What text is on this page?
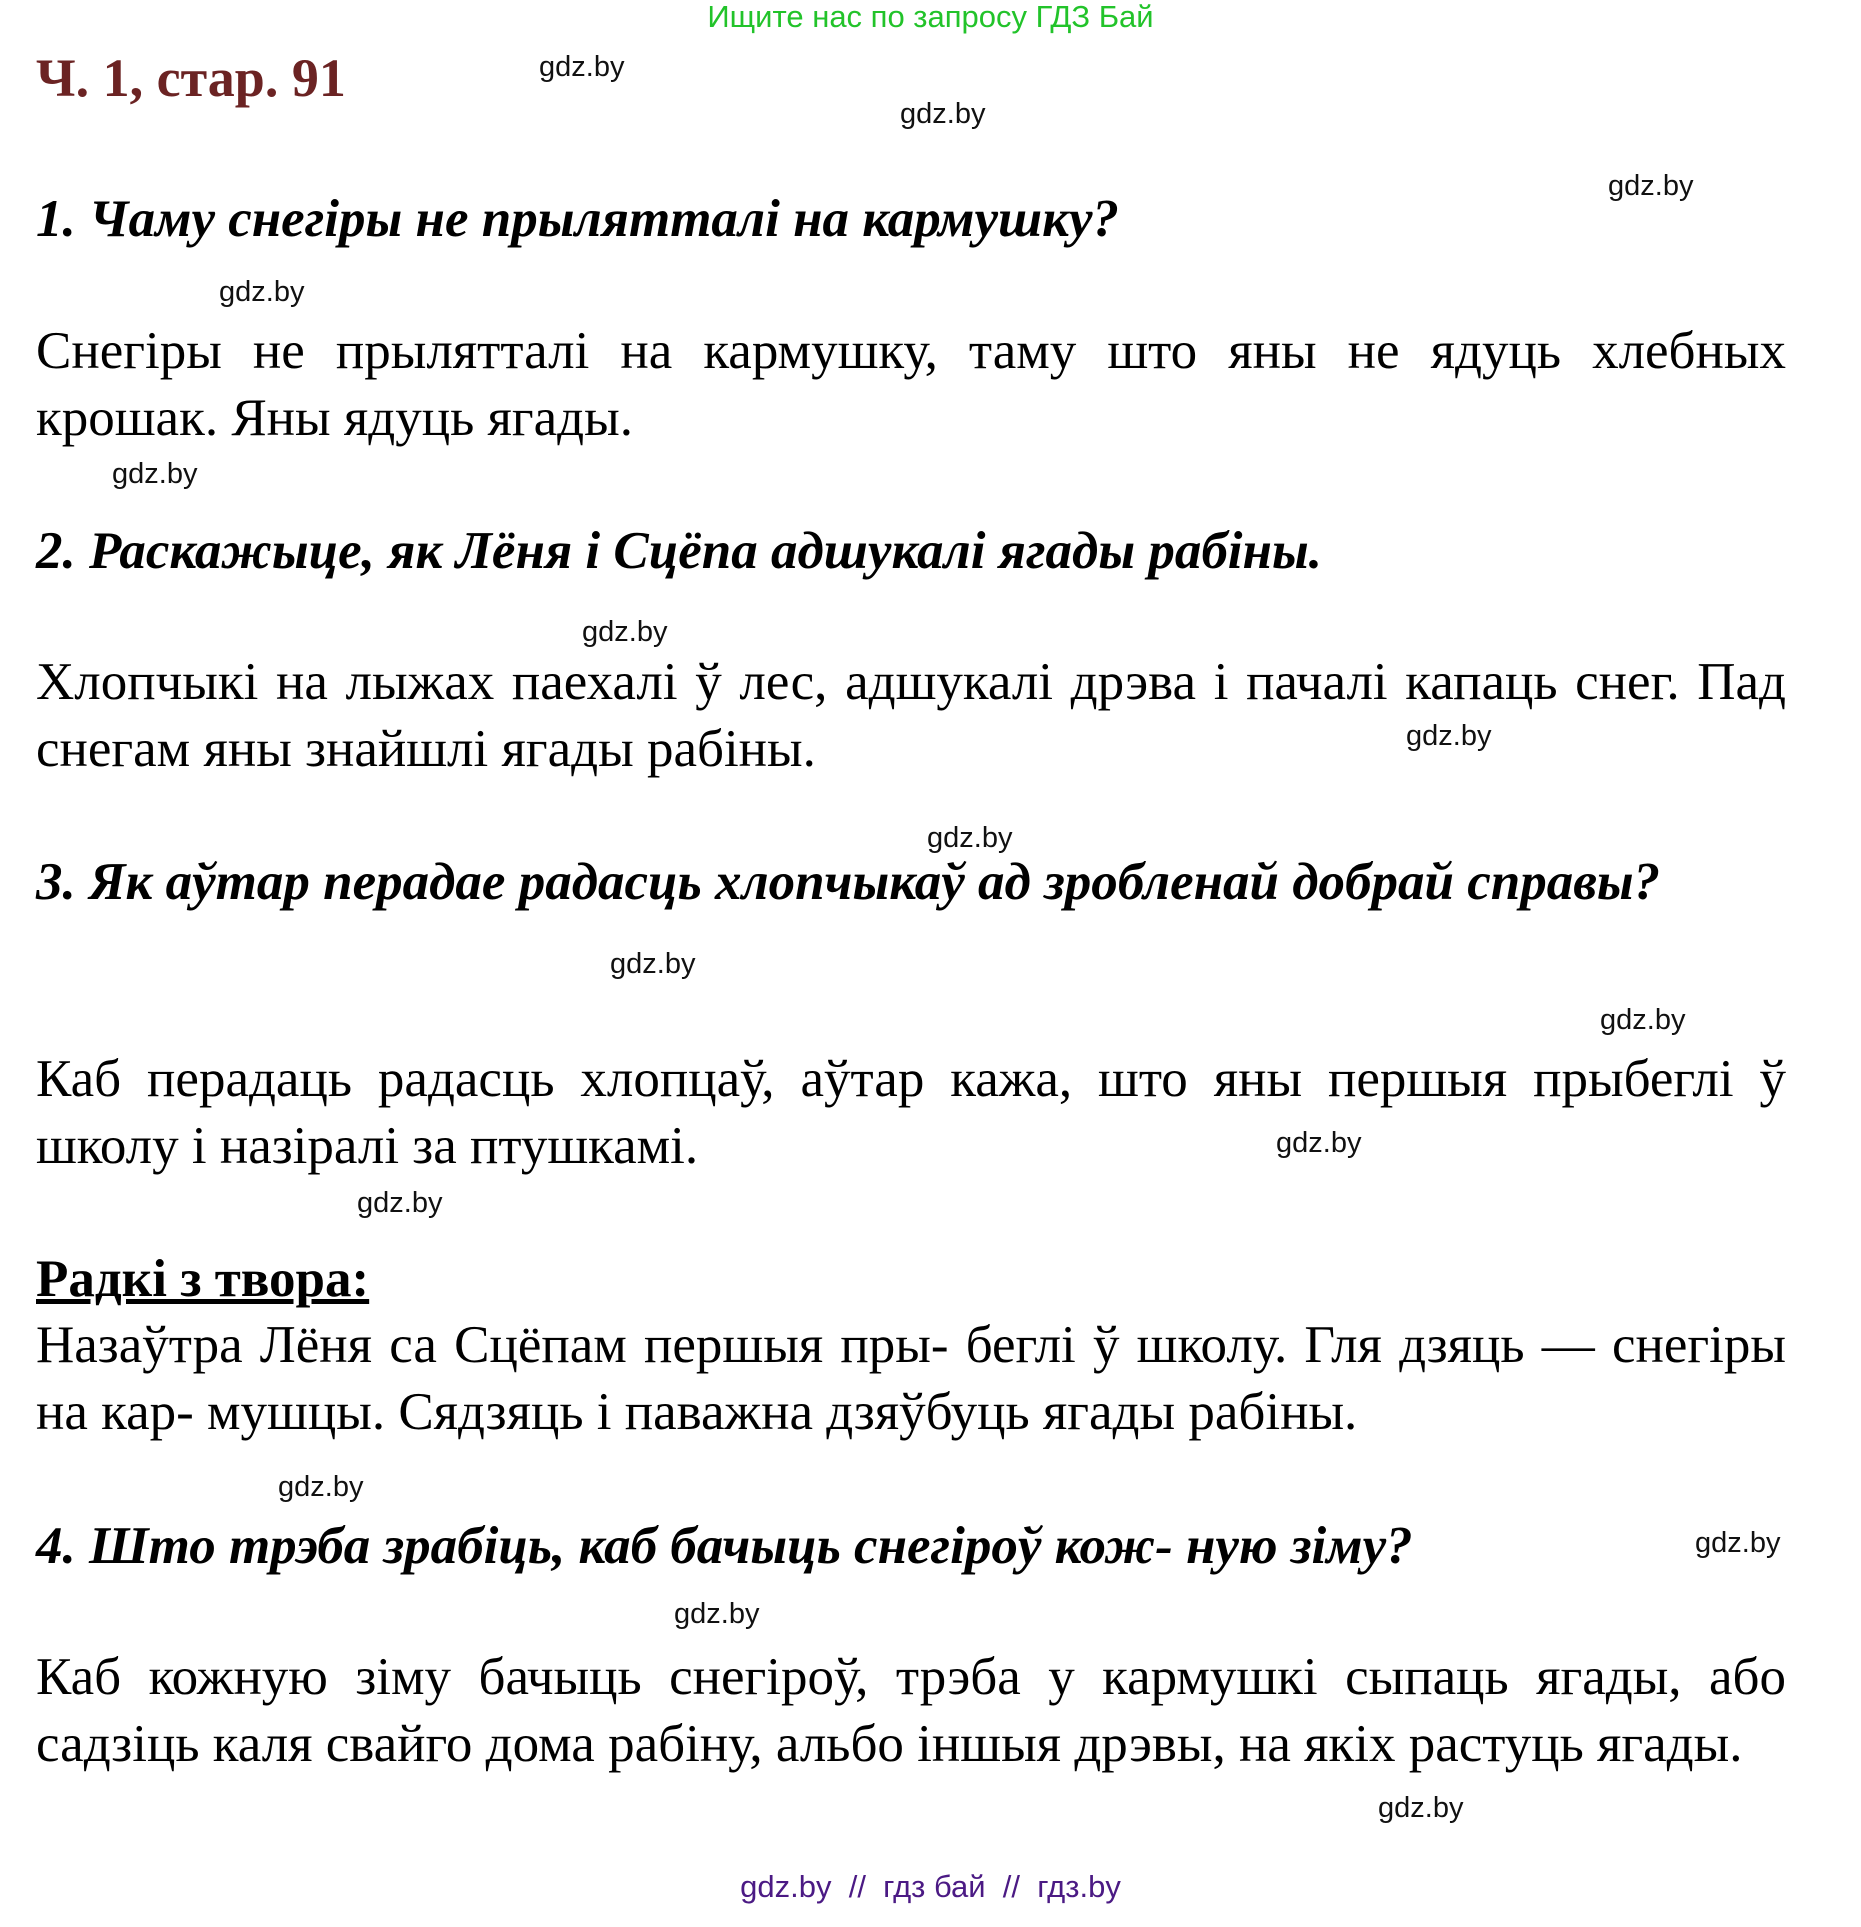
Ищите нас по запросу ГДЗ Бай
Ч. 1, стар. 91
1. Чаму снегіры не прылятталі на кармушку?
Снегіры не прылятталі на кармушку, таму што яны не ядуць хлебных крошак. Яны ядуць ягады.
2. Раскажыце, як Лёня і Сцёпа адшукалі ягады рабіны.
Хлопчыкі на лыжах паехалі ў лес, адшукалі дрэва і пачалі капаць снег. Пад снегам яны знайшлі ягады рабіны.
3. Як аўтар перадае радасць хлопчыкаў ад зробленай добрай справы?
Каб перадаць радасць хлопцаў, аўтар кажа, што яны першыя прыбеглі ў школу і назіралі за птушкамі.
Радкі з твора:
Назаўтра Лёня са Сцёпам першыя пры- беглі ў школу. Гля дзяць — снегіры на кар- мушцы. Сядзяць і паважна дзяўбуць ягады рабіны.
4. Што трэба зрабіць, каб бачыць снегіроў кож- ную зіму?
Каб кожную зіму бачыць снегіроў, трэба у кармушкі сыпаць ягады, або садзіць каля свайго дома рабіну, альбо іншыя дрэвы, на якіх растуць ягады.
gdz.by
gdz.by
gdz.by
gdz.by
gdz.by
gdz.by
gdz.by
gdz.by
gdz.by
gdz.by
gdz.by
gdz.by
gdz.by
gdz.by
gdz.by
gdz.by
gdz.by  //  гдз бай  //  гдз.by
